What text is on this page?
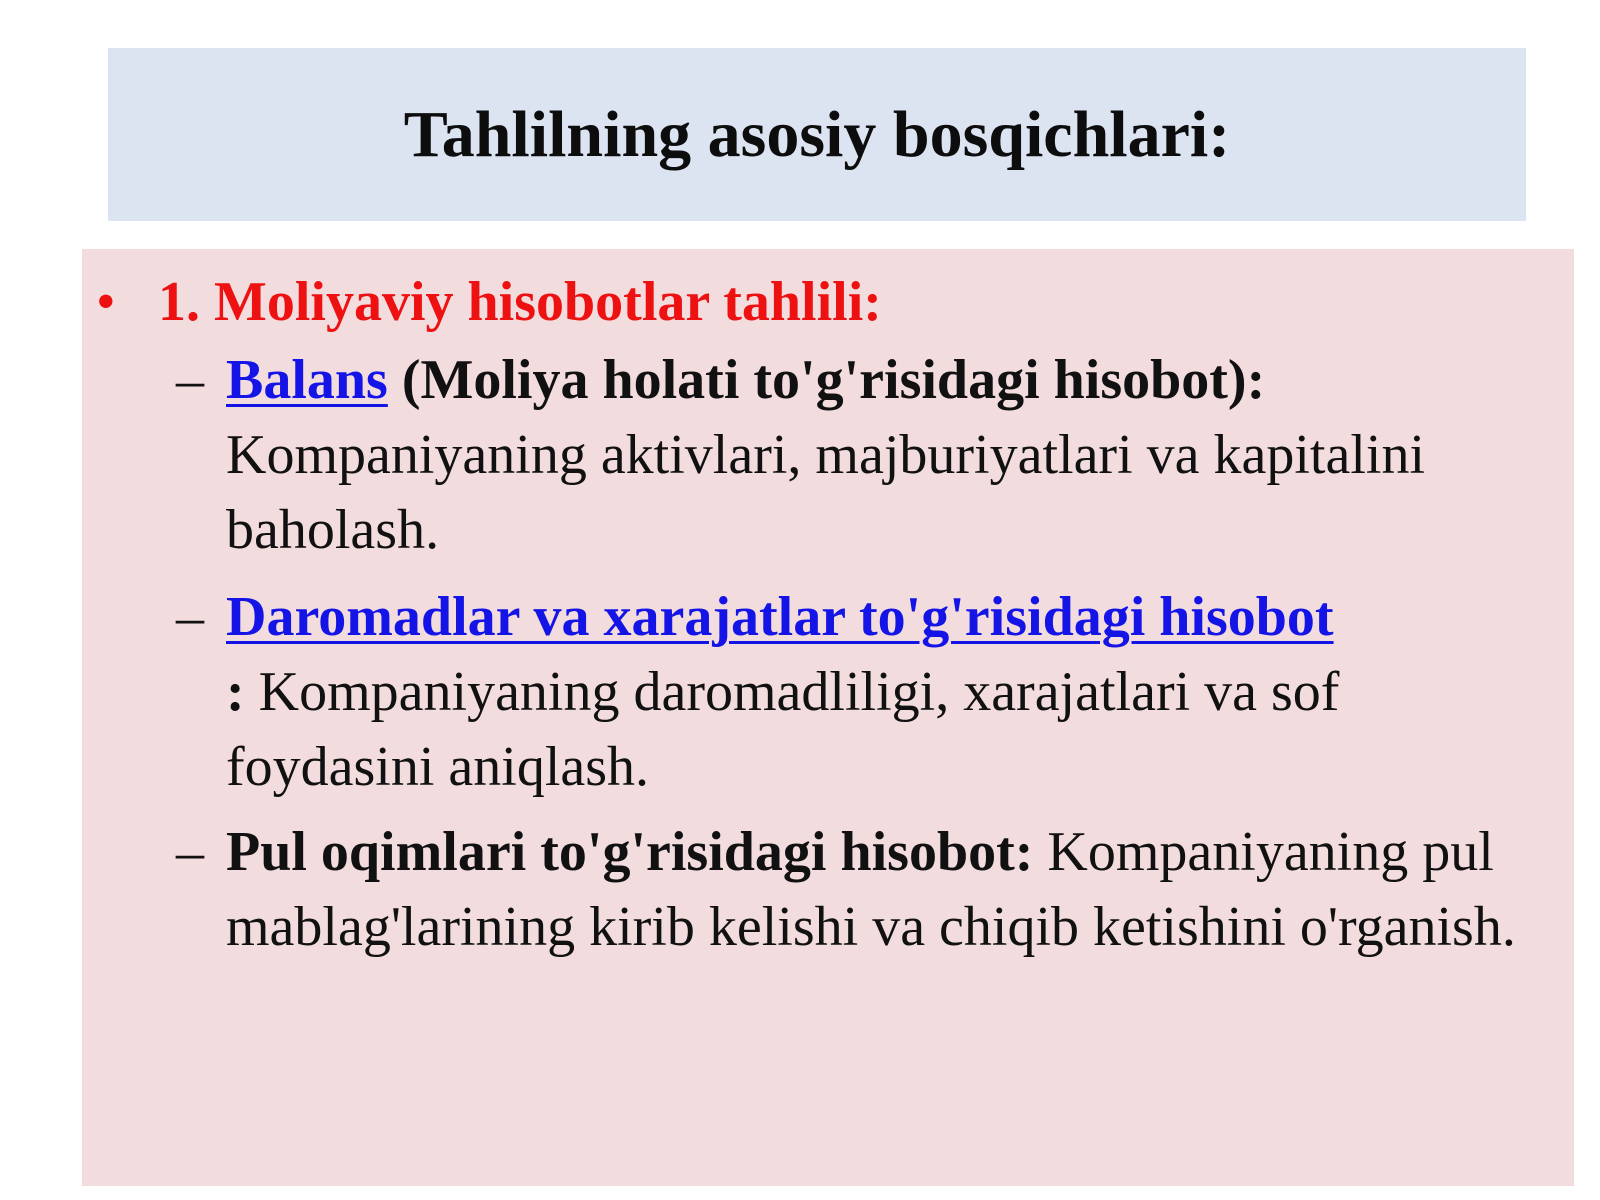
Tahlilning asosiy bosqichlari:
• 1. Moliyaviy hisobotlar tahlili:
– Balans (Moliya holati to'g'risidagi hisobot): Kompaniyaning aktivlari, majburiyatlari va kapitalini baholash.
– Daromadlar va xarajatlar to'g'risidagi hisobot
: Kompaniyaning daromadliligi, xarajatlari va sof foydasini aniqlash.
– Pul oqimlari to'g'risidagi hisobot: Kompaniyaning pul mablag'larining kirib kelishi va chiqib ketishini o'rganish.
